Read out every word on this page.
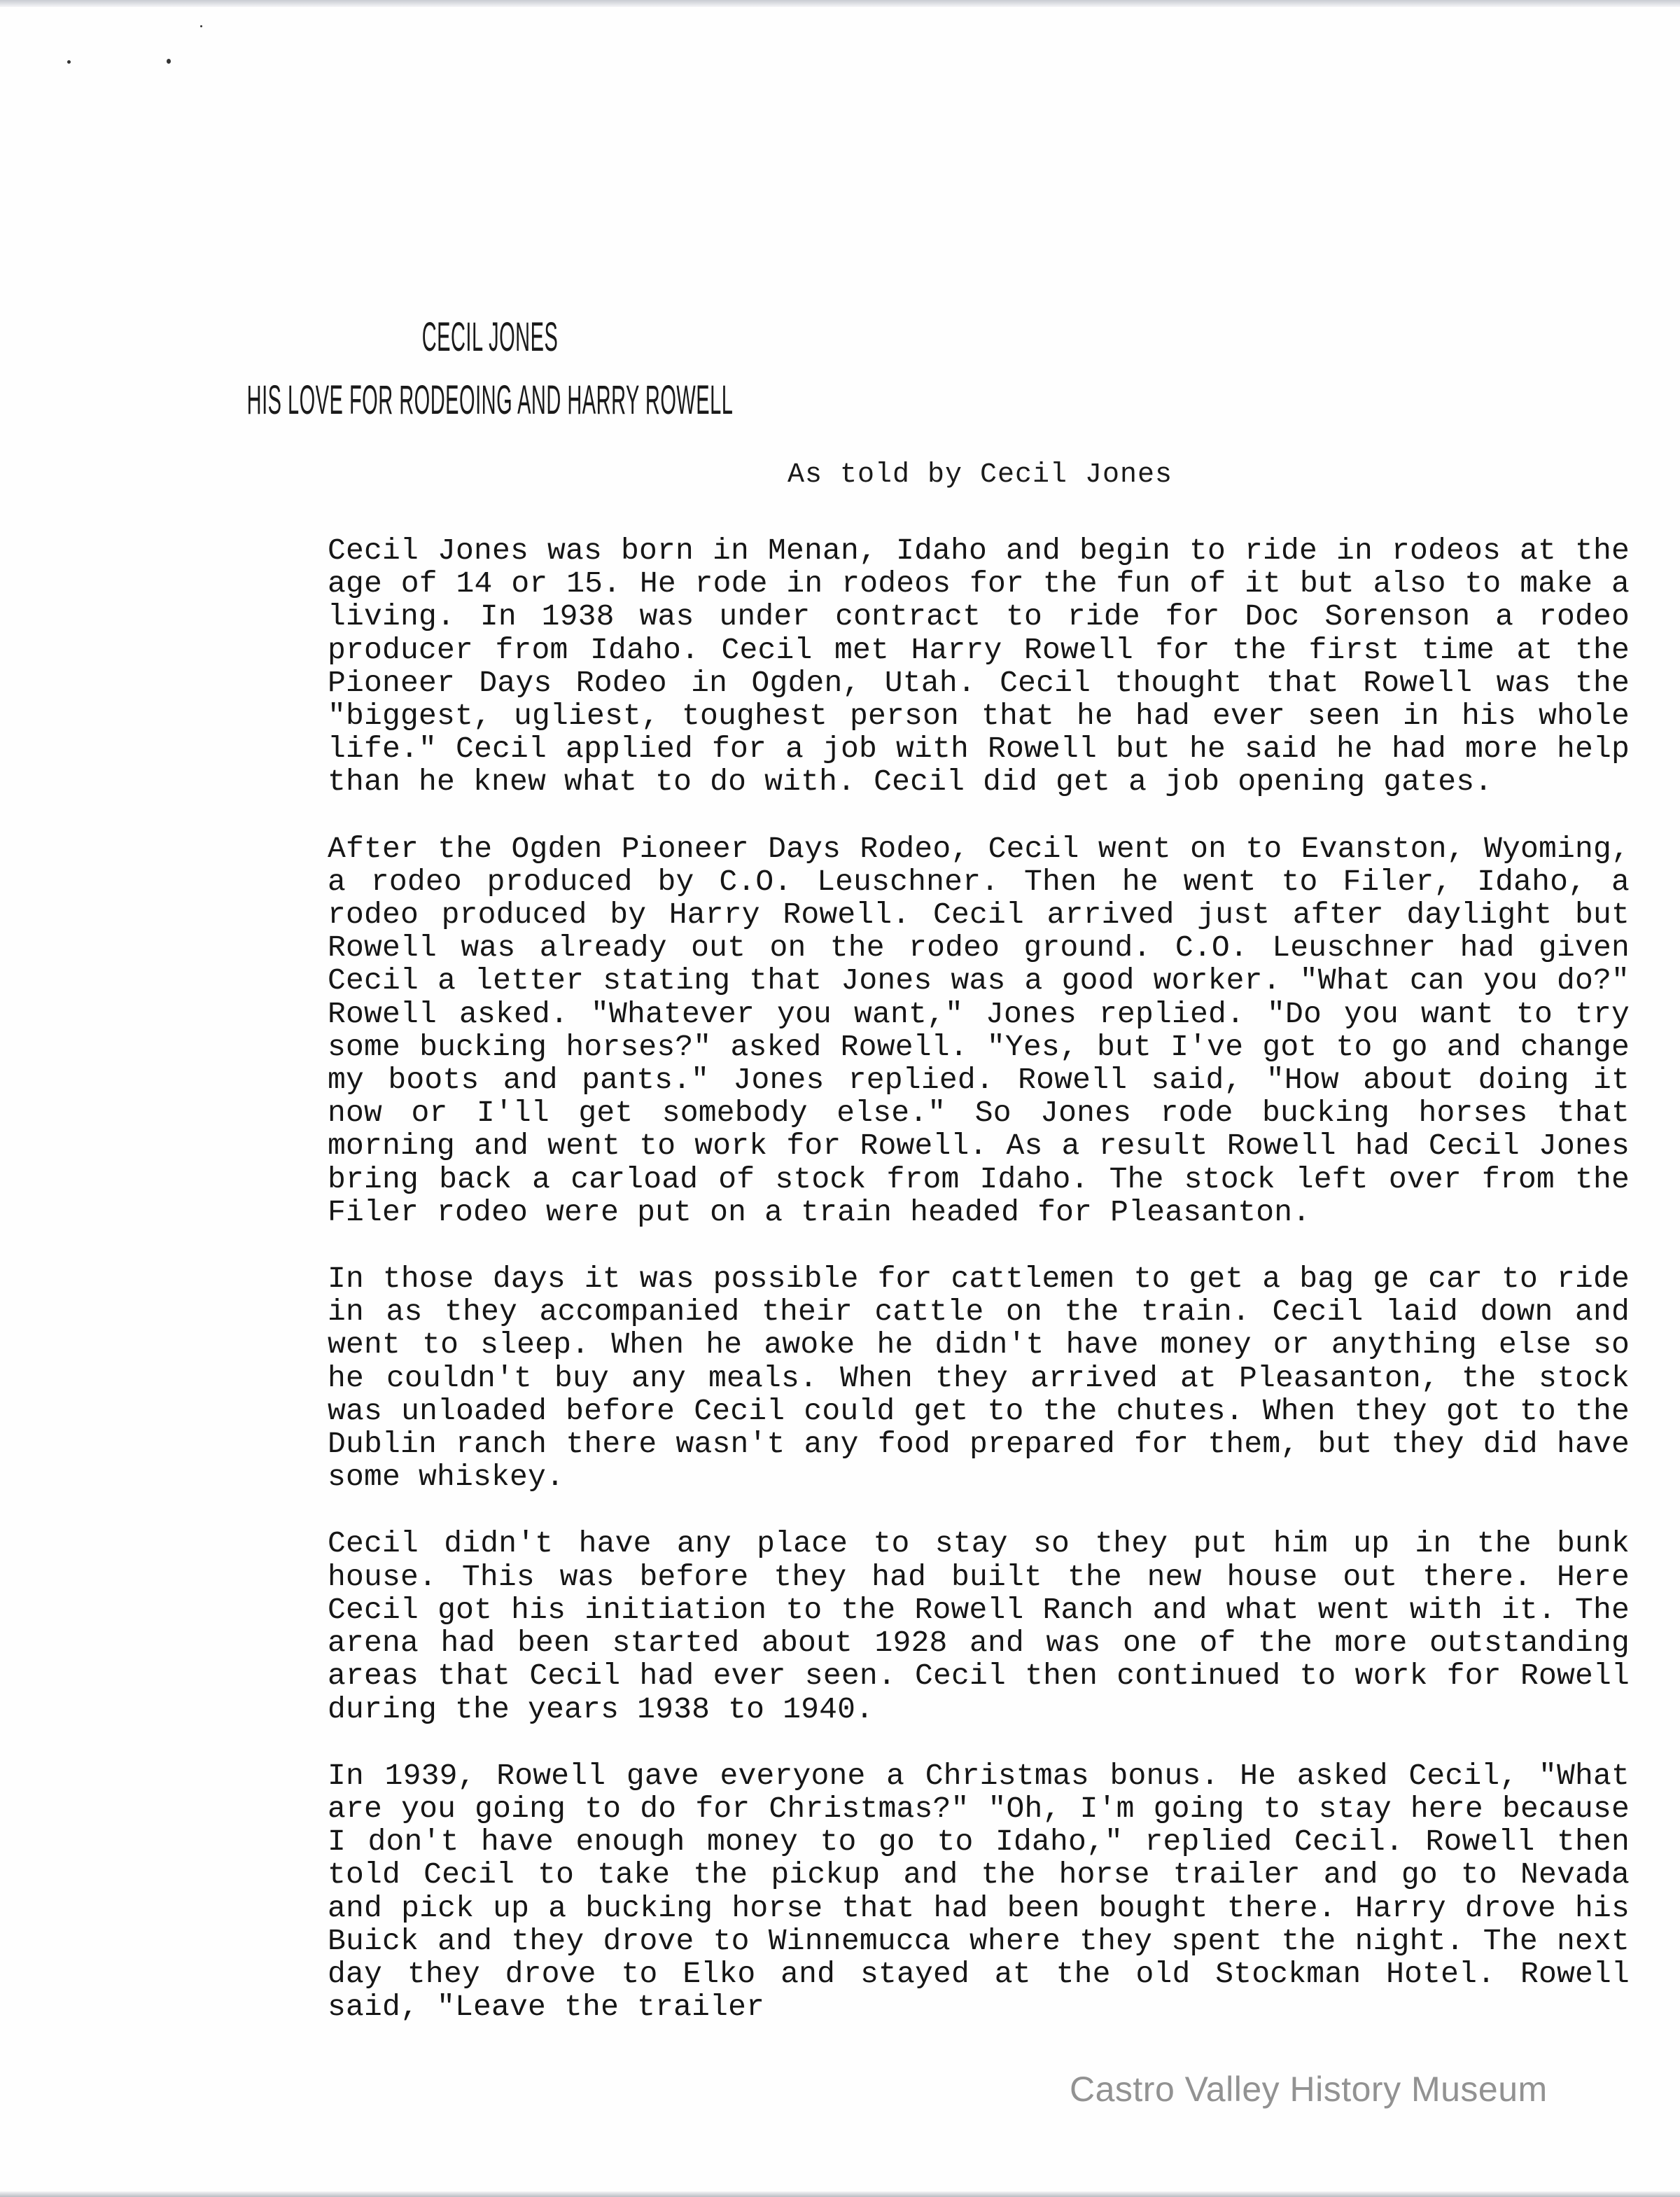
CECIL JONES
HIS LOVE FOR RODEOING AND HARRY ROWELL
As told by Cecil Jones

Cecil Jones was born in Menan, Idaho and begin to ride in rodeos at the age of 14 or 15. He rode in rodeos for the fun of it but also to make a living. In 1938 was under contract to ride for Doc Sorenson a rodeo producer from Idaho. Cecil met Harry Rowell for the first time at the Pioneer Days Rodeo in Ogden, Utah. Cecil thought that Rowell was the "biggest, ugliest, toughest person that he had ever seen in his whole life." Cecil applied for a job with Rowell but he said he had more help than he knew what to do with. Cecil did get a job opening gates.

After the Ogden Pioneer Days Rodeo, Cecil went on to Evanston, Wyoming, a rodeo produced by C.O. Leuschner. Then he went to Filer, Idaho, a rodeo produced by Harry Rowell. Cecil arrived just after daylight but Rowell was already out on the rodeo ground. C.O. Leuschner had given Cecil a letter stating that Jones was a good worker. "What can you do?" Rowell asked. "Whatever you want," Jones replied. "Do you want to try some bucking horses?" asked Rowell. "Yes, but I've got to go and change my boots and pants." Jones replied. Rowell said, "How about doing it now or I'll get somebody else." So Jones rode bucking horses that morning and went to work for Rowell. As a result Rowell had Cecil Jones bring back a carload of stock from Idaho. The stock left over from the Filer rodeo were put on a train headed for Pleasanton.

In those days it was possible for cattlemen to get a bag ge car to ride in as they accompanied their cattle on the train. Cecil laid down and went to sleep. When he awoke he didn't have money or anything else so he couldn't buy any meals. When they arrived at Pleasanton, the stock was unloaded before Cecil could get to the chutes. When they got to the Dublin ranch there wasn't any food prepared for them, but they did have some whiskey.

Cecil didn't have any place to stay so they put him up in the bunk house. This was before they had built the new house out there. Here Cecil got his initiation to the Rowell Ranch and what went with it. The arena had been started about 1928 and was one of the more outstanding areas that Cecil had ever seen. Cecil then continued to work for Rowell during the years 1938 to 1940.

In 1939, Rowell gave everyone a Christmas bonus. He asked Cecil, "What are you going to do for Christmas?" "Oh, I'm going to stay here because I don't have enough money to go to Idaho," replied Cecil. Rowell then told Cecil to take the pickup and the horse trailer and go to Nevada and pick up a bucking horse that had been bought there. Harry drove his Buick and they drove to Winnemucca where they spent the night. The next day they drove to Elko and stayed at the old Stockman Hotel. Rowell said, "Leave the trailer

Castro Valley History Museum
